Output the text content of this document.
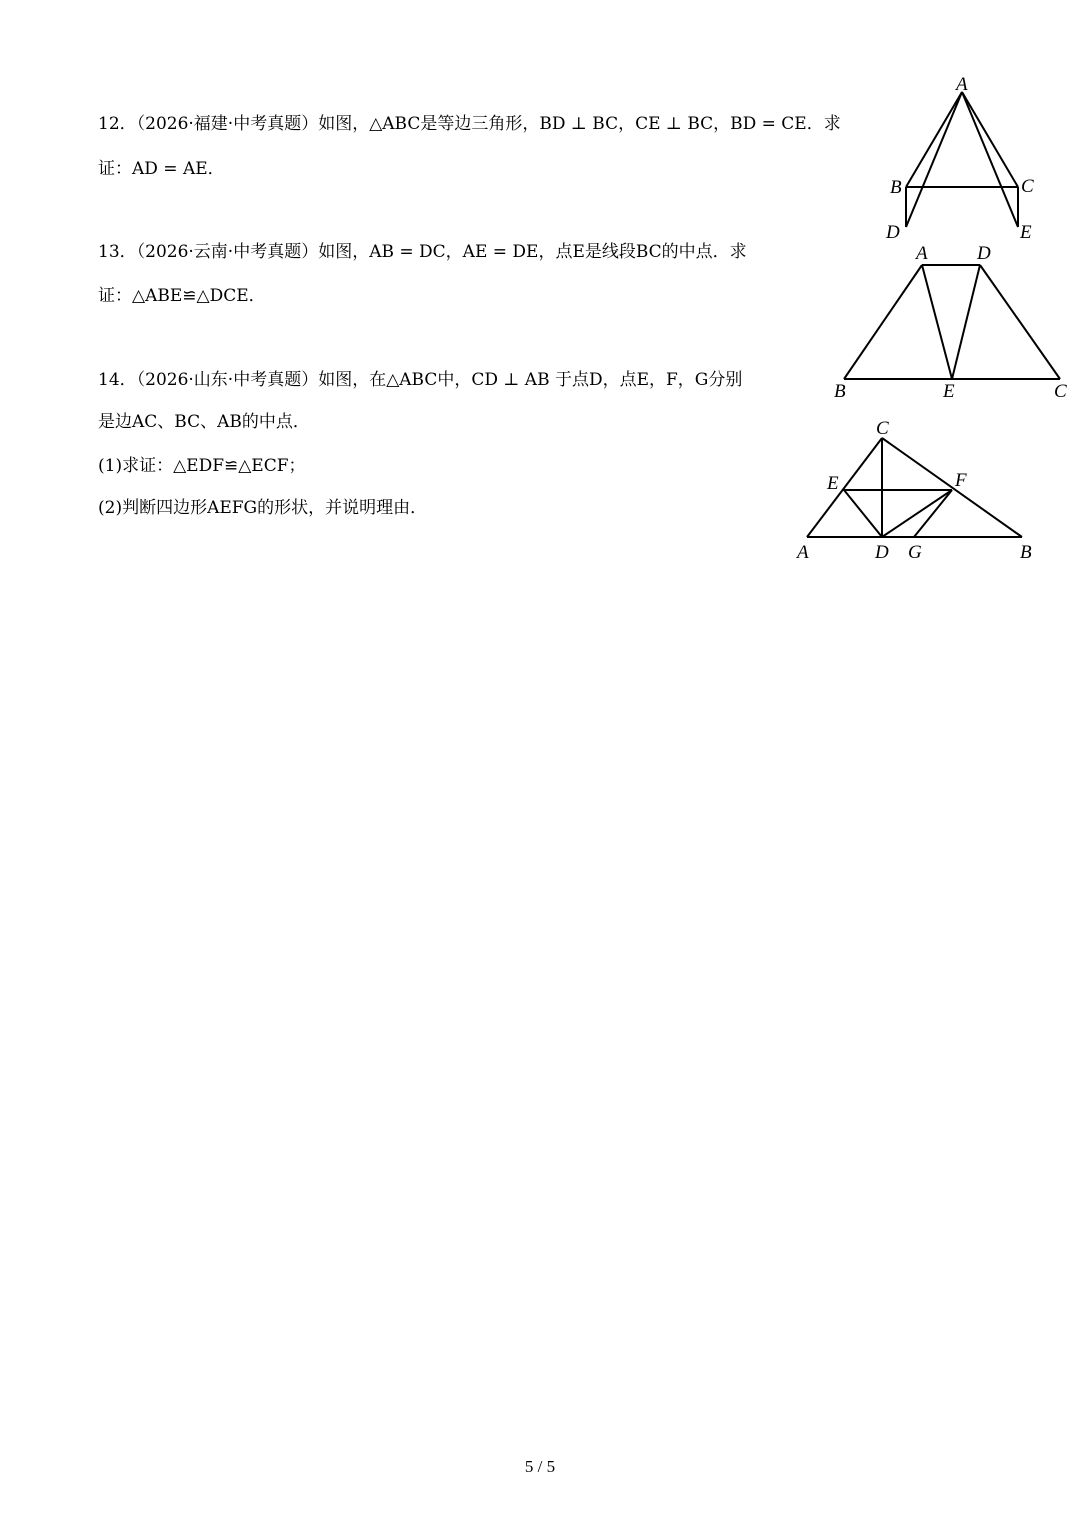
12．（2026·福建·中考真题）如图，△ABC是等边三角形，BD ⊥ BC，CE ⊥ BC，BD = CE．求
证：AD = AE．
13．（2026·云南·中考真题）如图，AB = DC，AE = DE，点E是线段BC的中点．求
证：△ABE≌△DCE．
14．（2026·山东·中考真题）如图，在△ABC中，CD ⊥ AB 于点D，点E，F，G分别
是边AC、BC、AB的中点．
(1)求证：△EDF≌△ECF；
(2)判断四边形AEFG的形状，并说明理由．
A
B	C
D	E
A	D
B	E	C
C
E	F
A	D G	B
5 / 5
